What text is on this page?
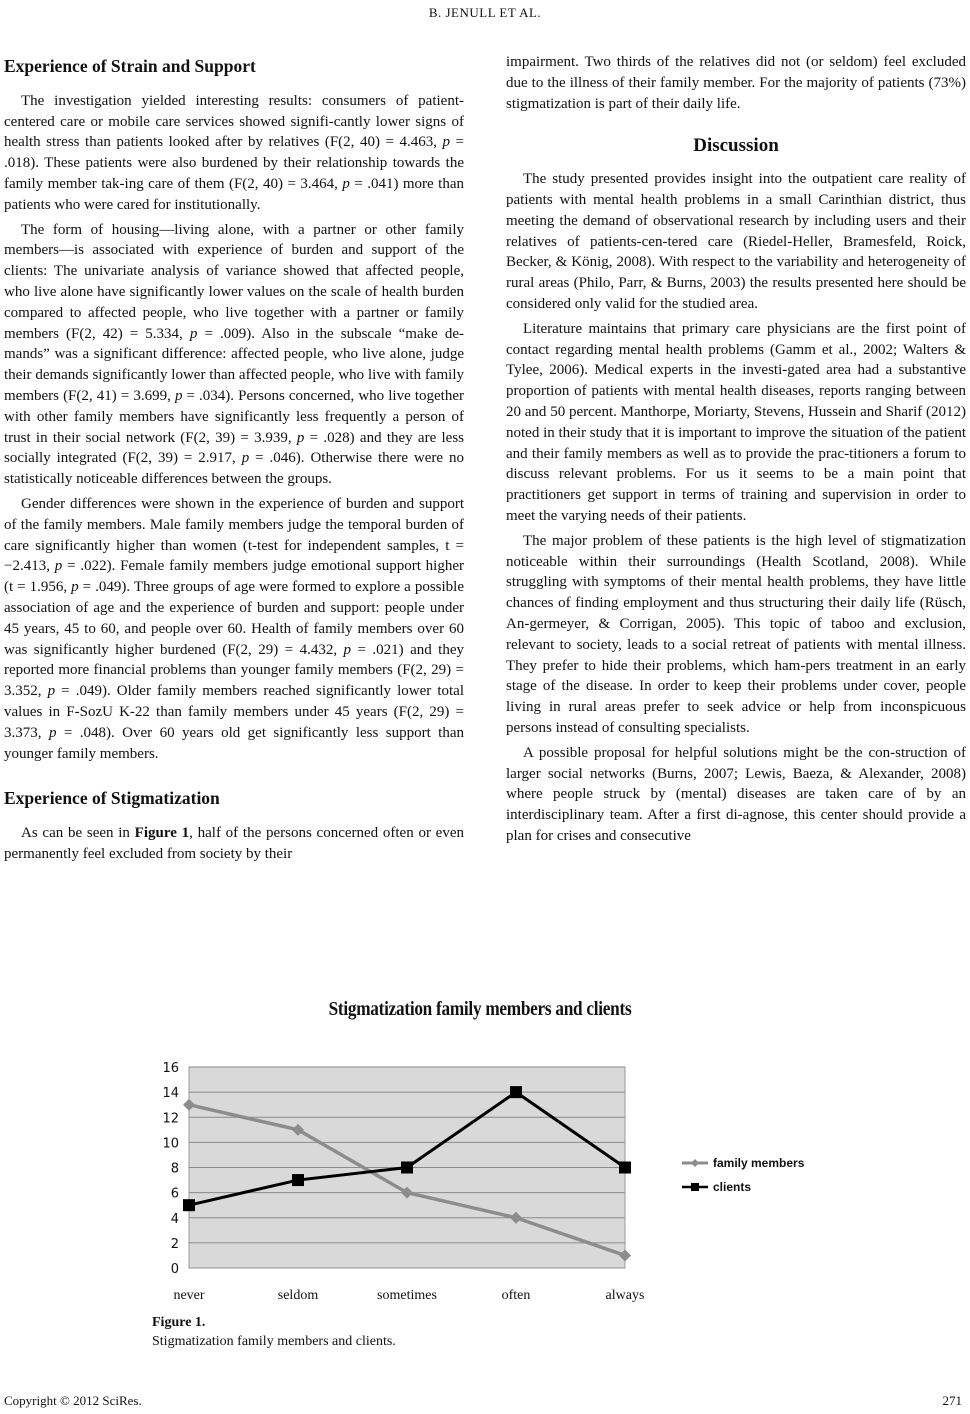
B. JENULL ET AL.
Experience of Strain and Support

The investigation yielded interesting results: consumers of patient-centered care or mobile care services showed signifi-cantly lower signs of health stress than patients looked after by relatives (F(2, 40) = 4.463, p = .018). These patients were also burdened by their relationship towards the family member tak-ing care of them (F(2, 40) = 3.464, p = .041) more than patients who were cared for institutionally.

The form of housing—living alone, with a partner or other family members—is associated with experience of burden and support of the clients: The univariate analysis of variance showed that affected people, who live alone have significantly lower values on the scale of health burden compared to affected people, who live together with a partner or family members (F(2, 42) = 5.334, p = .009). Also in the subscale “make de-mands” was a significant difference: affected people, who live alone, judge their demands significantly lower than affected people, who live with family members (F(2, 41) = 3.699, p = .034). Persons concerned, who live together with other family members have significantly less frequently a person of trust in their social network (F(2, 39) = 3.939, p = .028) and they are less socially integrated (F(2, 39) = 2.917, p = .046). Otherwise there were no statistically noticeable differences between the groups.

Gender differences were shown in the experience of burden and support of the family members. Male family members judge the temporal burden of care significantly higher than women (t-test for independent samples, t = −2.413, p = .022). Female family members judge emotional support higher (t = 1.956, p = .049). Three groups of age were formed to explore a possible association of age and the experience of burden and support: people under 45 years, 45 to 60, and people over 60. Health of family members over 60 was significantly higher burdened (F(2, 29) = 4.432, p = .021) and they reported more financial problems than younger family members (F(2, 29) = 3.352, p = .049). Older family members reached significantly lower total values in F-SozU K-22 than family members under 45 years (F(2, 29) = 3.373, p = .048). Over 60 years old get significantly less support than younger family members.

Experience of Stigmatization

As can be seen in Figure 1, half of the persons concerned often or even permanently feel excluded from society by their

impairment. Two thirds of the relatives did not (or seldom) feel excluded due to the illness of their family member. For the majority of patients (73%) stigmatization is part of their daily life.

Discussion

The study presented provides insight into the outpatient care reality of patients with mental health problems in a small Carinthian district, thus meeting the demand of observational research by including users and their relatives of patients-cen-tered care (Riedel-Heller, Bramesfeld, Roick, Becker, & König, 2008). With respect to the variability and heterogeneity of rural areas (Philo, Parr, & Burns, 2003) the results presented here should be considered only valid for the studied area.

Literature maintains that primary care physicians are the first point of contact regarding mental health problems (Gamm et al., 2002; Walters & Tylee, 2006). Medical experts in the investi-gated area had a substantive proportion of patients with mental health diseases, reports ranging between 20 and 50 percent. Manthorpe, Moriarty, Stevens, Hussein and Sharif (2012) noted in their study that it is important to improve the situation of the patient and their family members as well as to provide the prac-titioners a forum to discuss relevant problems. For us it seems to be a main point that practitioners get support in terms of training and supervision in order to meet the varying needs of their patients.

The major problem of these patients is the high level of stigmatization noticeable within their surroundings (Health Scotland, 2008). While struggling with symptoms of their mental health problems, they have little chances of finding employment and thus structuring their daily life (Rüsch, An-germeyer, & Corrigan, 2005). This topic of taboo and exclusion, relevant to society, leads to a social retreat of patients with mental illness. They prefer to hide their problems, which ham-pers treatment in an early stage of the disease. In order to keep their problems under cover, people living in rural areas prefer to seek advice or help from inconspicuous persons instead of consulting specialists.

A possible proposal for helpful solutions might be the con-struction of larger social networks (Burns, 2007; Lewis, Baeza, & Alexander, 2008) where people struck by (mental) diseases are taken care of by an interdisciplinary team. After a first di-agnose, this center should provide a plan for crises and consecutive

Stigmatization family members and clients
0
2
4
6
8
10
12
14
16
never	seldom	sometimes	often	always
family members
clients
Figure 1.
Stigmatization family members and clients.
Copyright © 2012 SciRes.	271
